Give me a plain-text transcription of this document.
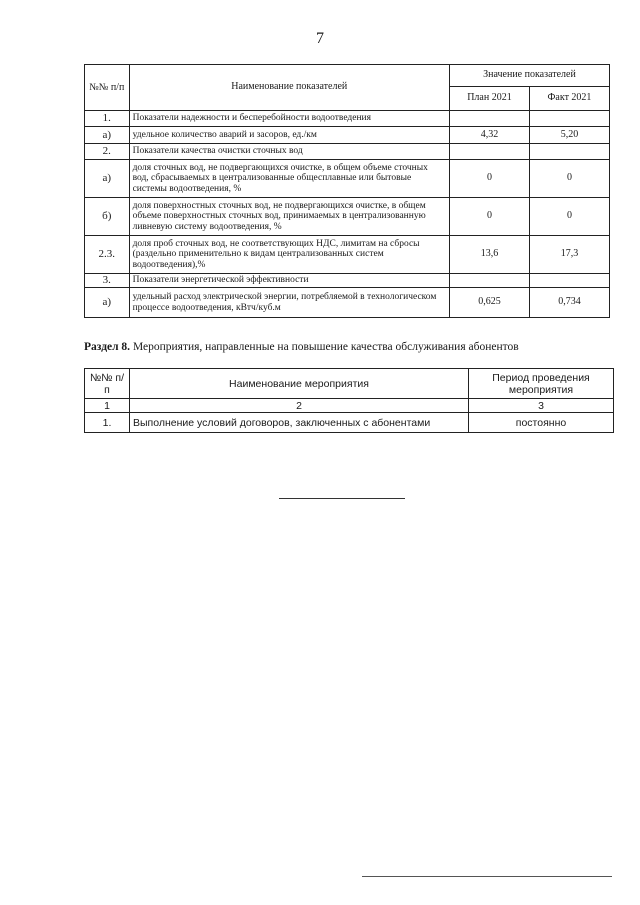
7
№№ п/п	Наименование показателей	Значение показателей	
		План 2021	Факт 2021
1.	Показатели надежности и бесперебойности водоотведения		
а)	удельное количество аварий и засоров, ед./км	4,32	5,20
2.	Показатели качества очистки сточных вод		
а)	доля сточных вод, не подвергающихся очистке, в общем объеме сточных вод, сбрасываемых в централизованные общесплавные или бытовые системы водоотведения, %	0	0
б)	доля поверхностных сточных вод, не подвергающихся очистке, в общем объеме поверхностных сточных вод, принимаемых в централизованную ливневую систему водоотведения, %	0	0
2.3.	доля проб сточных вод, не соответствующих НДС, лимитам на сбросы (раздельно применительно к видам централизованных систем водоотведения),%	13,6	17,3
3.	Показатели энергетической эффективности		
а)	удельный расход электрической энергии, потребляемой в технологическом процессе водоотведения, кВтч/куб.м	0,625	0,734
Раздел 8. Мероприятия, направленные на повышение качества обслуживания абонентов
№№ п/п	Наименование мероприятия	Период проведения мероприятия
1	2	3
1.	Выполнение условий договоров, заключенных с абонентами	постоянно
